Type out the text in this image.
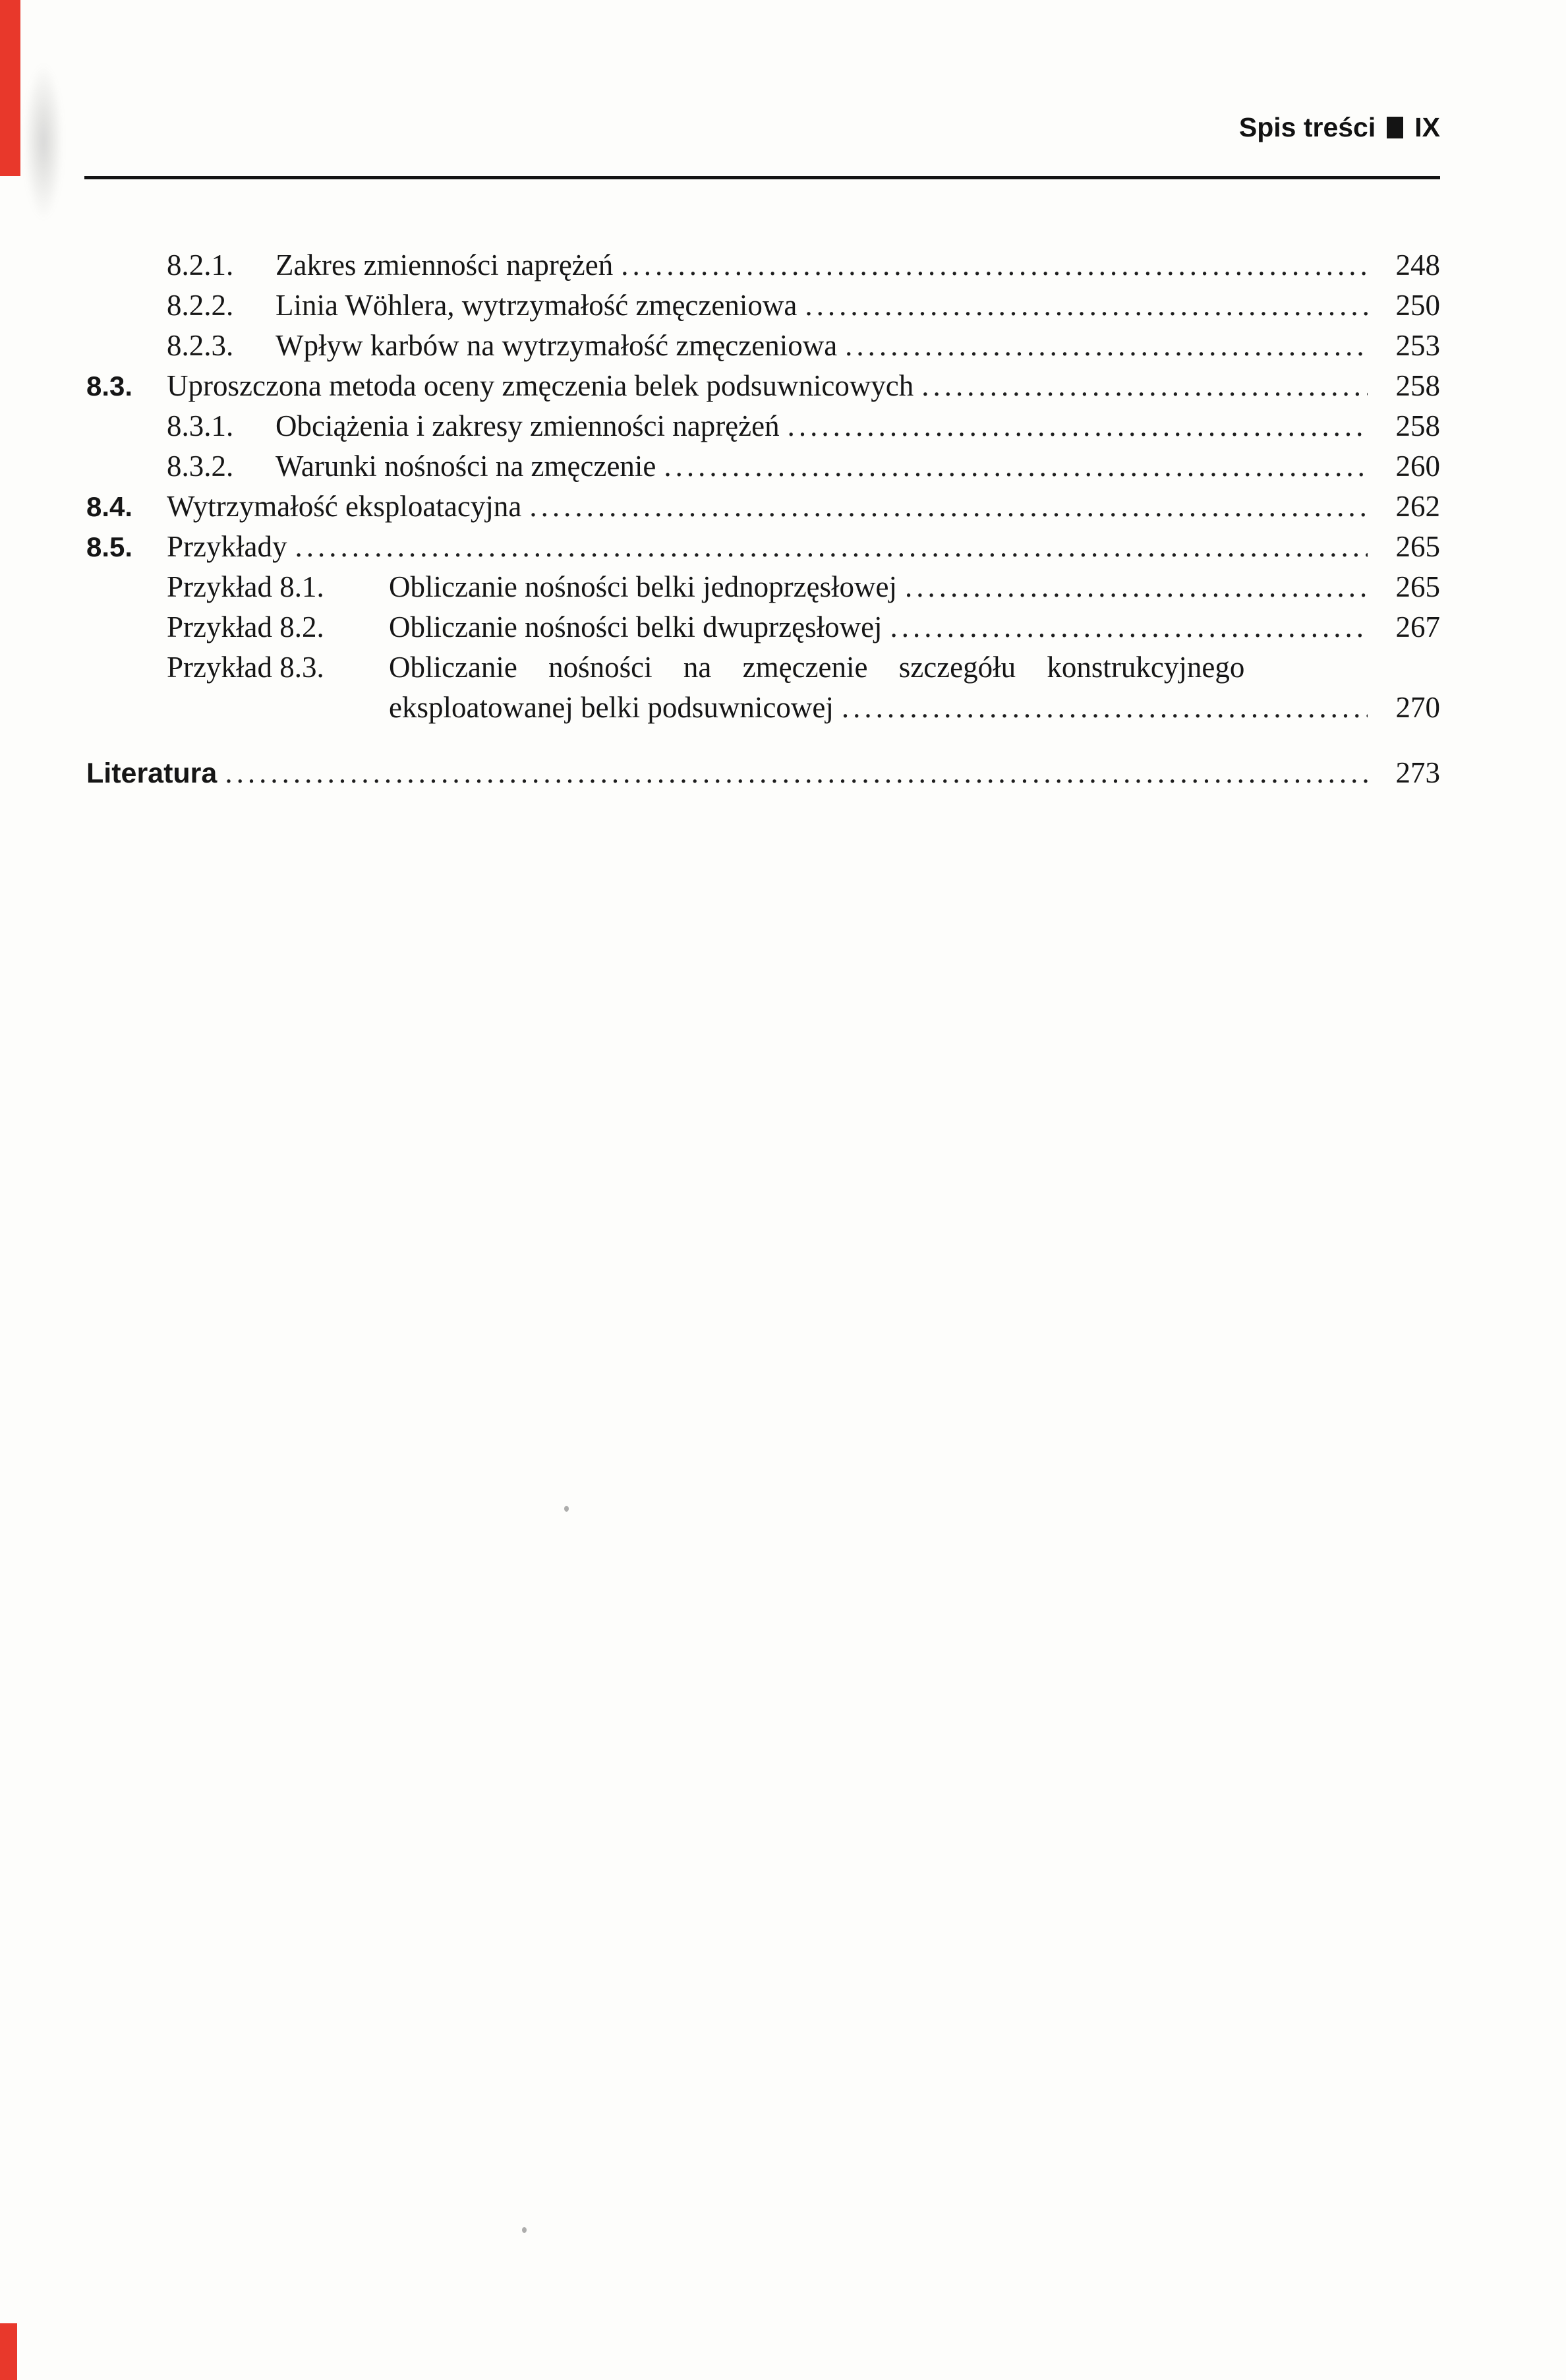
Spis treści IX
8.2.1.	Zakres zmienności naprężeń .....	248
8.2.2.	Linia Wöhlera, wytrzymałość zmęczeniowa .....	250
8.2.3.	Wpływ karbów na wytrzymałość zmęczeniowa .....	253
8.3.	Uproszczona metoda oceny zmęczenia belek podsuwnicowych .....	258
8.3.1.	Obciążenia i zakresy zmienności naprężeń .....	258
8.3.2.	Warunki nośności na zmęczenie .....	260
8.4.	Wytrzymałość eksploatacyjna .....	262
8.5.	Przykłady .....	265
Przykład 8.1.	Obliczanie nośności belki jednoprzęsłowej .....	265
Przykład 8.2.	Obliczanie nośności belki dwuprzęsłowej .....	267
Przykład 8.3.	Obliczanie nośności na zmęczenie szczegółu konstrukcyjnego
eksploatowanej belki podsuwnicowej .....	270
Literatura .....	273
